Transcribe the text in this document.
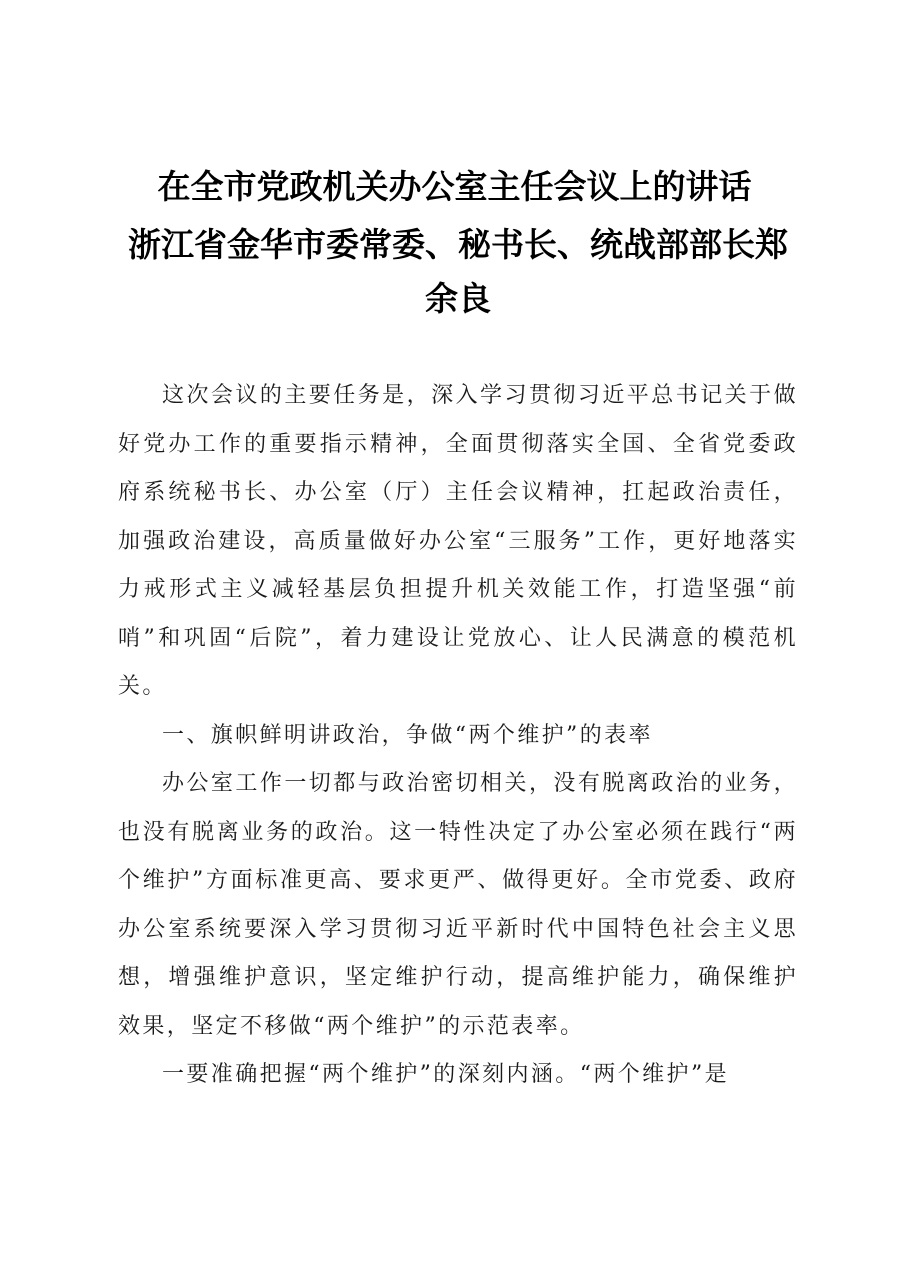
在全市党政机关办公室主任会议上的讲话
浙江省金华市委常委、秘书长、统战部部长郑余良

这次会议的主要任务是，深入学习贯彻习近平总书记关于做好党办工作的重要指示精神，全面贯彻落实全国、全省党委政府系统秘书长、办公室（厅）主任会议精神，扛起政治责任，加强政治建设，高质量做好办公室“三服务”工作，更好地落实力戒形式主义减轻基层负担提升机关效能工作，打造坚强“前哨”和巩固“后院”，着力建设让党放心、让人民满意的模范机关。

一、旗帜鲜明讲政治，争做“两个维护”的表率

办公室工作一切都与政治密切相关，没有脱离政治的业务，也没有脱离业务的政治。这一特性决定了办公室必须在践行“两个维护”方面标准更高、要求更严、做得更好。全市党委、政府办公室系统要深入学习贯彻习近平新时代中国特色社会主义思想，增强维护意识，坚定维护行动，提高维护能力，确保维护效果，坚定不移做“两个维护”的示范表率。

一要准确把握“两个维护”的深刻内涵。“两个维护”是
